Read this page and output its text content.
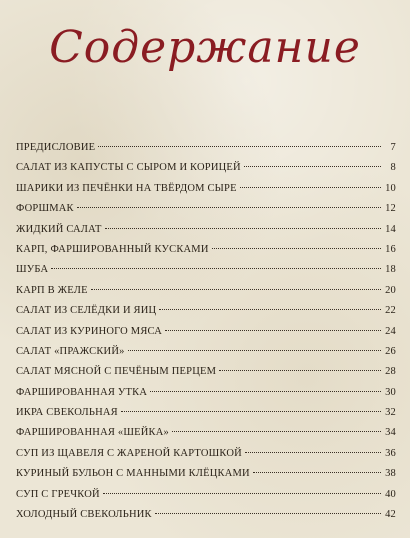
Содержание
ПРЕДИСЛОВИЕ	7
САЛАТ ИЗ КАПУСТЫ С СЫРОМ И КОРИЦЕЙ	8
ШАРИКИ ИЗ ПЕЧЁНКИ НА ТВЁРДОМ СЫРЕ	10
ФОРШМАК	12
ЖИДКИЙ САЛАТ	14
КАРП, ФАРШИРОВАННЫЙ КУСКАМИ	16
ШУБА	18
КАРП В ЖЕЛЕ	20
САЛАТ ИЗ СЕЛЁДКИ И ЯИЦ	22
САЛАТ ИЗ КУРИНОГО МЯСА	24
САЛАТ «ПРАЖСКИЙ»	26
САЛАТ МЯСНОЙ С ПЕЧЁНЫМ ПЕРЦЕМ	28
ФАРШИРОВАННАЯ УТКА	30
ИКРА СВЕКОЛЬНАЯ	32
ФАРШИРОВАННАЯ «ШЕЙКА»	34
СУП ИЗ ЩАВЕЛЯ С ЖАРЕНОЙ КАРТОШКОЙ	36
КУРИНЫЙ БУЛЬОН С МАННЫМИ КЛЁЦКАМИ	38
СУП С ГРЕЧКОЙ	40
ХОЛОДНЫЙ СВЕКОЛЬНИК	42
